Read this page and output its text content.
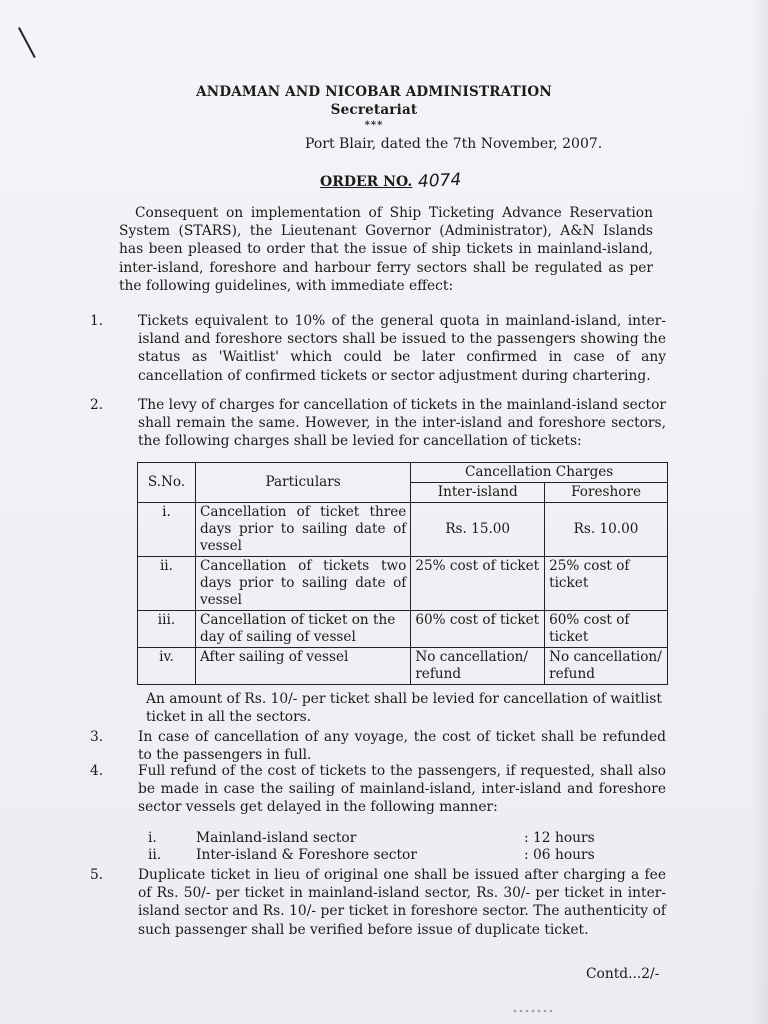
ANDAMAN AND NICOBAR ADMINISTRATION
Secretariat
***
Port Blair, dated the 7th November, 2007.
ORDER NO. 4074
Consequent on implementation of Ship Ticketing Advance Reservation System (STARS), the Lieutenant Governor (Administrator), A&N Islands has been pleased to order that the issue of ship tickets in mainland-island, inter-island, foreshore and harbour ferry sectors shall be regulated as per the following guidelines, with immediate effect:
1.	Tickets equivalent to 10% of the general quota in mainland-island, inter-island and foreshore sectors shall be issued to the passengers showing the status as 'Waitlist' which could be later confirmed in case of any cancellation of confirmed tickets or sector adjustment during chartering.
2.	The levy of charges for cancellation of tickets in the mainland-island sector shall remain the same. However, in the inter-island and foreshore sectors, the following charges shall be levied for cancellation of tickets:
S.No.	Particulars	Cancellation Charges	
		Inter-island	Foreshore
i.	Cancellation of ticket three days prior to sailing date of vessel	Rs. 15.00	Rs. 10.00
ii.	Cancellation of tickets two days prior to sailing date of vessel	25% cost of ticket	25% cost of ticket
iii.	Cancellation of ticket on the day of sailing of vessel	60% cost of ticket	60% cost of ticket
iv.	After sailing of vessel	No cancellation/ refund	No cancellation/ refund
An amount of Rs. 10/- per ticket shall be levied for cancellation of waitlist ticket in all the sectors.
3.	In case of cancellation of any voyage, the cost of ticket shall be refunded to the passengers in full.
4.	Full refund of the cost of tickets to the passengers, if requested, shall also be made in case the sailing of mainland-island, inter-island and foreshore sector vessels get delayed in the following manner:
i.	Mainland-island sector	: 12 hours
ii.	Inter-island & Foreshore sector	: 06 hours
5.	Duplicate ticket in lieu of original one shall be issued after charging a fee of Rs. 50/- per ticket in mainland-island sector, Rs. 30/- per ticket in inter-island sector and Rs. 10/- per ticket in foreshore sector. The authenticity of such passenger shall be verified before issue of duplicate ticket.
Contd...2/-
